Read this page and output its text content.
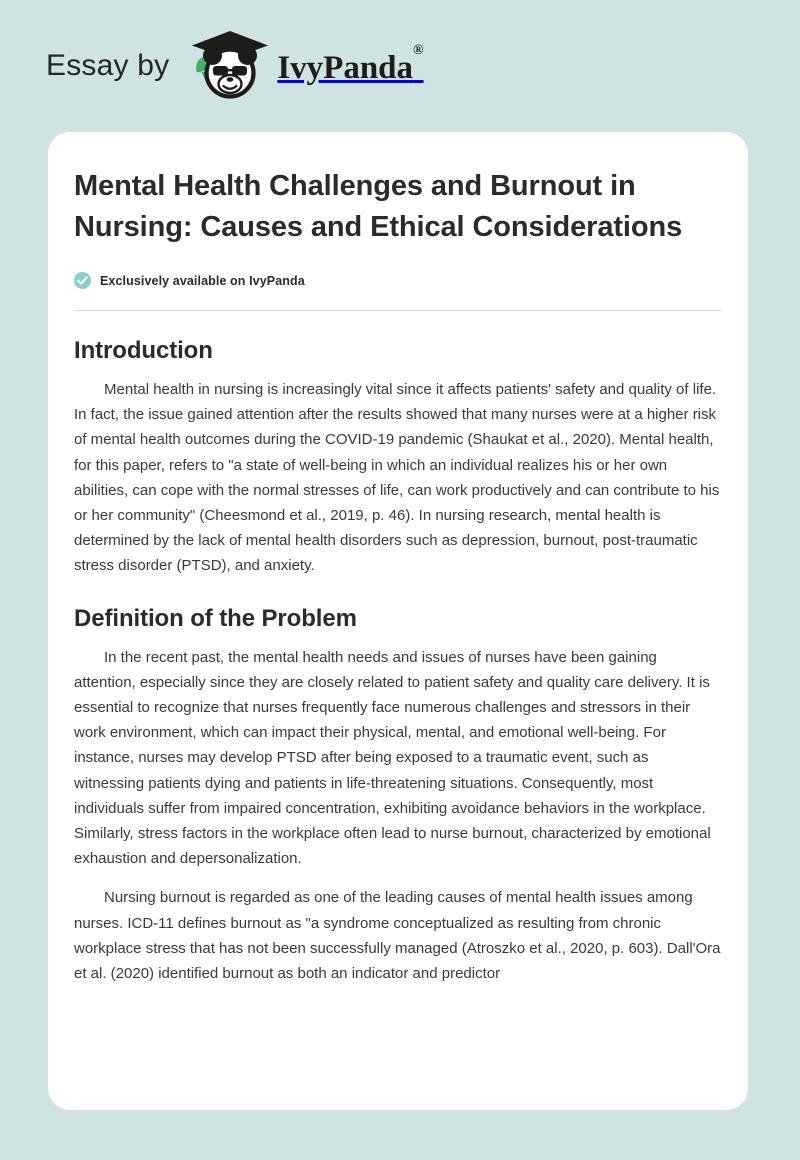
Essay by	IvyPanda®
Mental Health Challenges and Burnout in Nursing: Causes and Ethical Considerations
Exclusively available on IvyPanda
Introduction

Mental health in nursing is increasingly vital since it affects patients' safety and quality of life. In fact, the issue gained attention after the results showed that many nurses were at a higher risk of mental health outcomes during the COVID-19 pandemic (Shaukat et al., 2020). Mental health, for this paper, refers to "a state of well-being in which an individual realizes his or her own abilities, can cope with the normal stresses of life, can work productively and can contribute to his or her community" (Cheesmond et al., 2019, p. 46). In nursing research, mental health is determined by the lack of mental health disorders such as depression, burnout, post-traumatic stress disorder (PTSD), and anxiety.

Definition of the Problem

In the recent past, the mental health needs and issues of nurses have been gaining attention, especially since they are closely related to patient safety and quality care delivery. It is essential to recognize that nurses frequently face numerous challenges and stressors in their work environment, which can impact their physical, mental, and emotional well-being. For instance, nurses may develop PTSD after being exposed to a traumatic event, such as witnessing patients dying and patients in life-threatening situations. Consequently, most individuals suffer from impaired concentration, exhibiting avoidance behaviors in the workplace. Similarly, stress factors in the workplace often lead to nurse burnout, characterized by emotional exhaustion and depersonalization.

Nursing burnout is regarded as one of the leading causes of mental health issues among nurses. ICD-11 defines burnout as "a syndrome conceptualized as resulting from chronic workplace stress that has not been successfully managed (Atroszko et al., 2020, p. 603). Dall'Ora et al. (2020) identified burnout as both an indicator and predictor
